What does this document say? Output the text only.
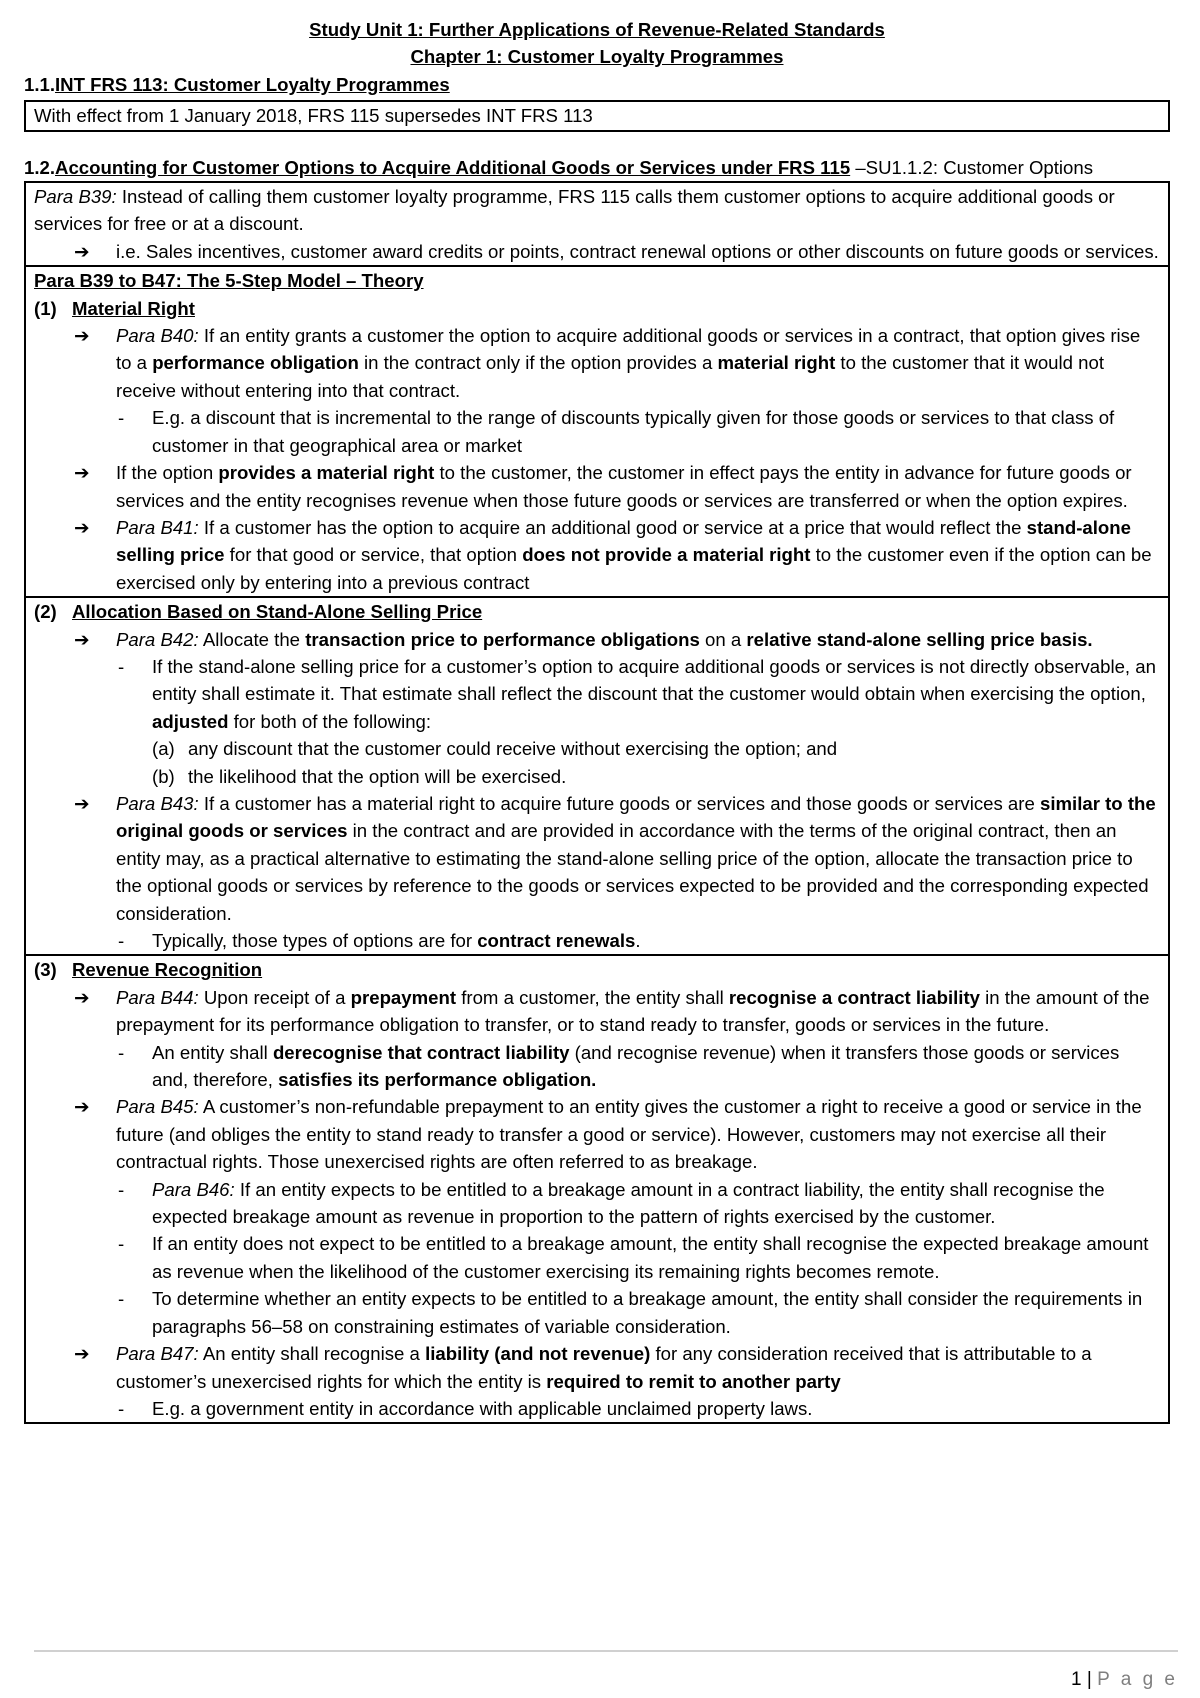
Study Unit 1: Further Applications of Revenue-Related Standards
Chapter 1: Customer Loyalty Programmes
1.1.INT FRS 113: Customer Loyalty Programmes
With effect from 1 January 2018, FRS 115 supersedes INT FRS 113
1.2.Accounting for Customer Options to Acquire Additional Goods or Services under FRS 115 –SU1.1.2: Customer Options
Para B39: Instead of calling them customer loyalty programme, FRS 115 calls them customer options to acquire additional goods or services for free or at a discount.
➔ i.e. Sales incentives, customer award credits or points, contract renewal options or other discounts on future goods or services.
Para B39 to B47: The 5-Step Model – Theory
(1) Material Right
➔ Para B40: If an entity grants a customer the option to acquire additional goods or services in a contract, that option gives rise to a performance obligation in the contract only if the option provides a material right to the customer that it would not receive without entering into that contract.
- E.g. a discount that is incremental to the range of discounts typically given for those goods or services to that class of customer in that geographical area or market
➔ If the option provides a material right to the customer, the customer in effect pays the entity in advance for future goods or services and the entity recognises revenue when those future goods or services are transferred or when the option expires.
➔ Para B41: If a customer has the option to acquire an additional good or service at a price that would reflect the stand-alone selling price for that good or service, that option does not provide a material right to the customer even if the option can be exercised only by entering into a previous contract
(2) Allocation Based on Stand-Alone Selling Price
➔ Para B42: Allocate the transaction price to performance obligations on a relative stand-alone selling price basis.
- If the stand-alone selling price for a customer’s option to acquire additional goods or services is not directly observable, an entity shall estimate it. That estimate shall reflect the discount that the customer would obtain when exercising the option, adjusted for both of the following:
(a) any discount that the customer could receive without exercising the option; and
(b) the likelihood that the option will be exercised.
➔ Para B43: If a customer has a material right to acquire future goods or services and those goods or services are similar to the original goods or services in the contract and are provided in accordance with the terms of the original contract, then an entity may, as a practical alternative to estimating the stand-alone selling price of the option, allocate the transaction price to the optional goods or services by reference to the goods or services expected to be provided and the corresponding expected consideration.
- Typically, those types of options are for contract renewals.
(3) Revenue Recognition
➔ Para B44: Upon receipt of a prepayment from a customer, the entity shall recognise a contract liability in the amount of the prepayment for its performance obligation to transfer, or to stand ready to transfer, goods or services in the future.
- An entity shall derecognise that contract liability (and recognise revenue) when it transfers those goods or services and, therefore, satisfies its performance obligation.
➔ Para B45: A customer’s non-refundable prepayment to an entity gives the customer a right to receive a good or service in the future (and obliges the entity to stand ready to transfer a good or service). However, customers may not exercise all their contractual rights. Those unexercised rights are often referred to as breakage.
- Para B46: If an entity expects to be entitled to a breakage amount in a contract liability, the entity shall recognise the expected breakage amount as revenue in proportion to the pattern of rights exercised by the customer.
- If an entity does not expect to be entitled to a breakage amount, the entity shall recognise the expected breakage amount as revenue when the likelihood of the customer exercising its remaining rights becomes remote.
- To determine whether an entity expects to be entitled to a breakage amount, the entity shall consider the requirements in paragraphs 56–58 on constraining estimates of variable consideration.
➔ Para B47: An entity shall recognise a liability (and not revenue) for any consideration received that is attributable to a customer’s unexercised rights for which the entity is required to remit to another party
- E.g. a government entity in accordance with applicable unclaimed property laws.
1 | P a g e
